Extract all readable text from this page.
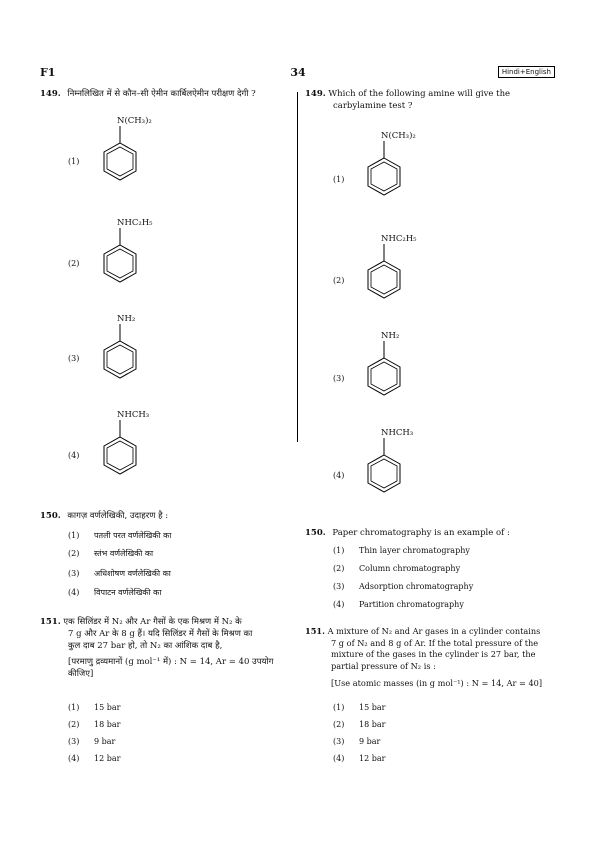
F1	34	Hindi+English
149. निम्नलिखित में से कौन–सी ऐमीन कार्बिलऐमीन परीक्षण देगी ?
(1)
N(CH₃)₂
(2)
NHC₂H₅
(3)
NH₂
(4)
NHCH₃
150. कागज़ वर्णलेखिकी, उदाहरण है :
(1) पतली परत वर्णलेखिकी का
(2) स्तंभ वर्णलेखिकी का
(3) अधिशोषण वर्णलेखिकी का
(4) विपाटन वर्णलेखिकी का
151. एक सिलिंडर में N₂ और Ar गैसों के एक मिश्रण में N₂ के
7 g और Ar के 8 g हैं। यदि सिलिंडर में गैसों के मिश्रण का
कुल दाब 27 bar हो, तो N₂ का आंशिक दाब है,
[परमाणु द्रव्यमानों (g mol⁻¹ में) : N = 14, Ar = 40 उपयोग
कीजिए]
(1) 15 bar
(2) 18 bar
(3) 9 bar
(4) 12 bar
149. Which of the following amine will give the
carbylamine test ?
(1)
N(CH₃)₂
(2)
NHC₂H₅
(3)
NH₂
(4)
NHCH₃
150. Paper chromatography is an example of :
(1) Thin layer chromatography
(2) Column chromatography
(3) Adsorption chromatography
(4) Partition chromatography
151. A mixture of N₂ and Ar gases in a cylinder contains
7 g of N₂ and 8 g of Ar. If the total pressure of the
mixture of the gases in the cylinder is 27 bar, the
partial pressure of N₂ is :
[Use atomic masses (in g mol⁻¹) : N = 14, Ar = 40]
(1) 15 bar
(2) 18 bar
(3) 9 bar
(4) 12 bar
